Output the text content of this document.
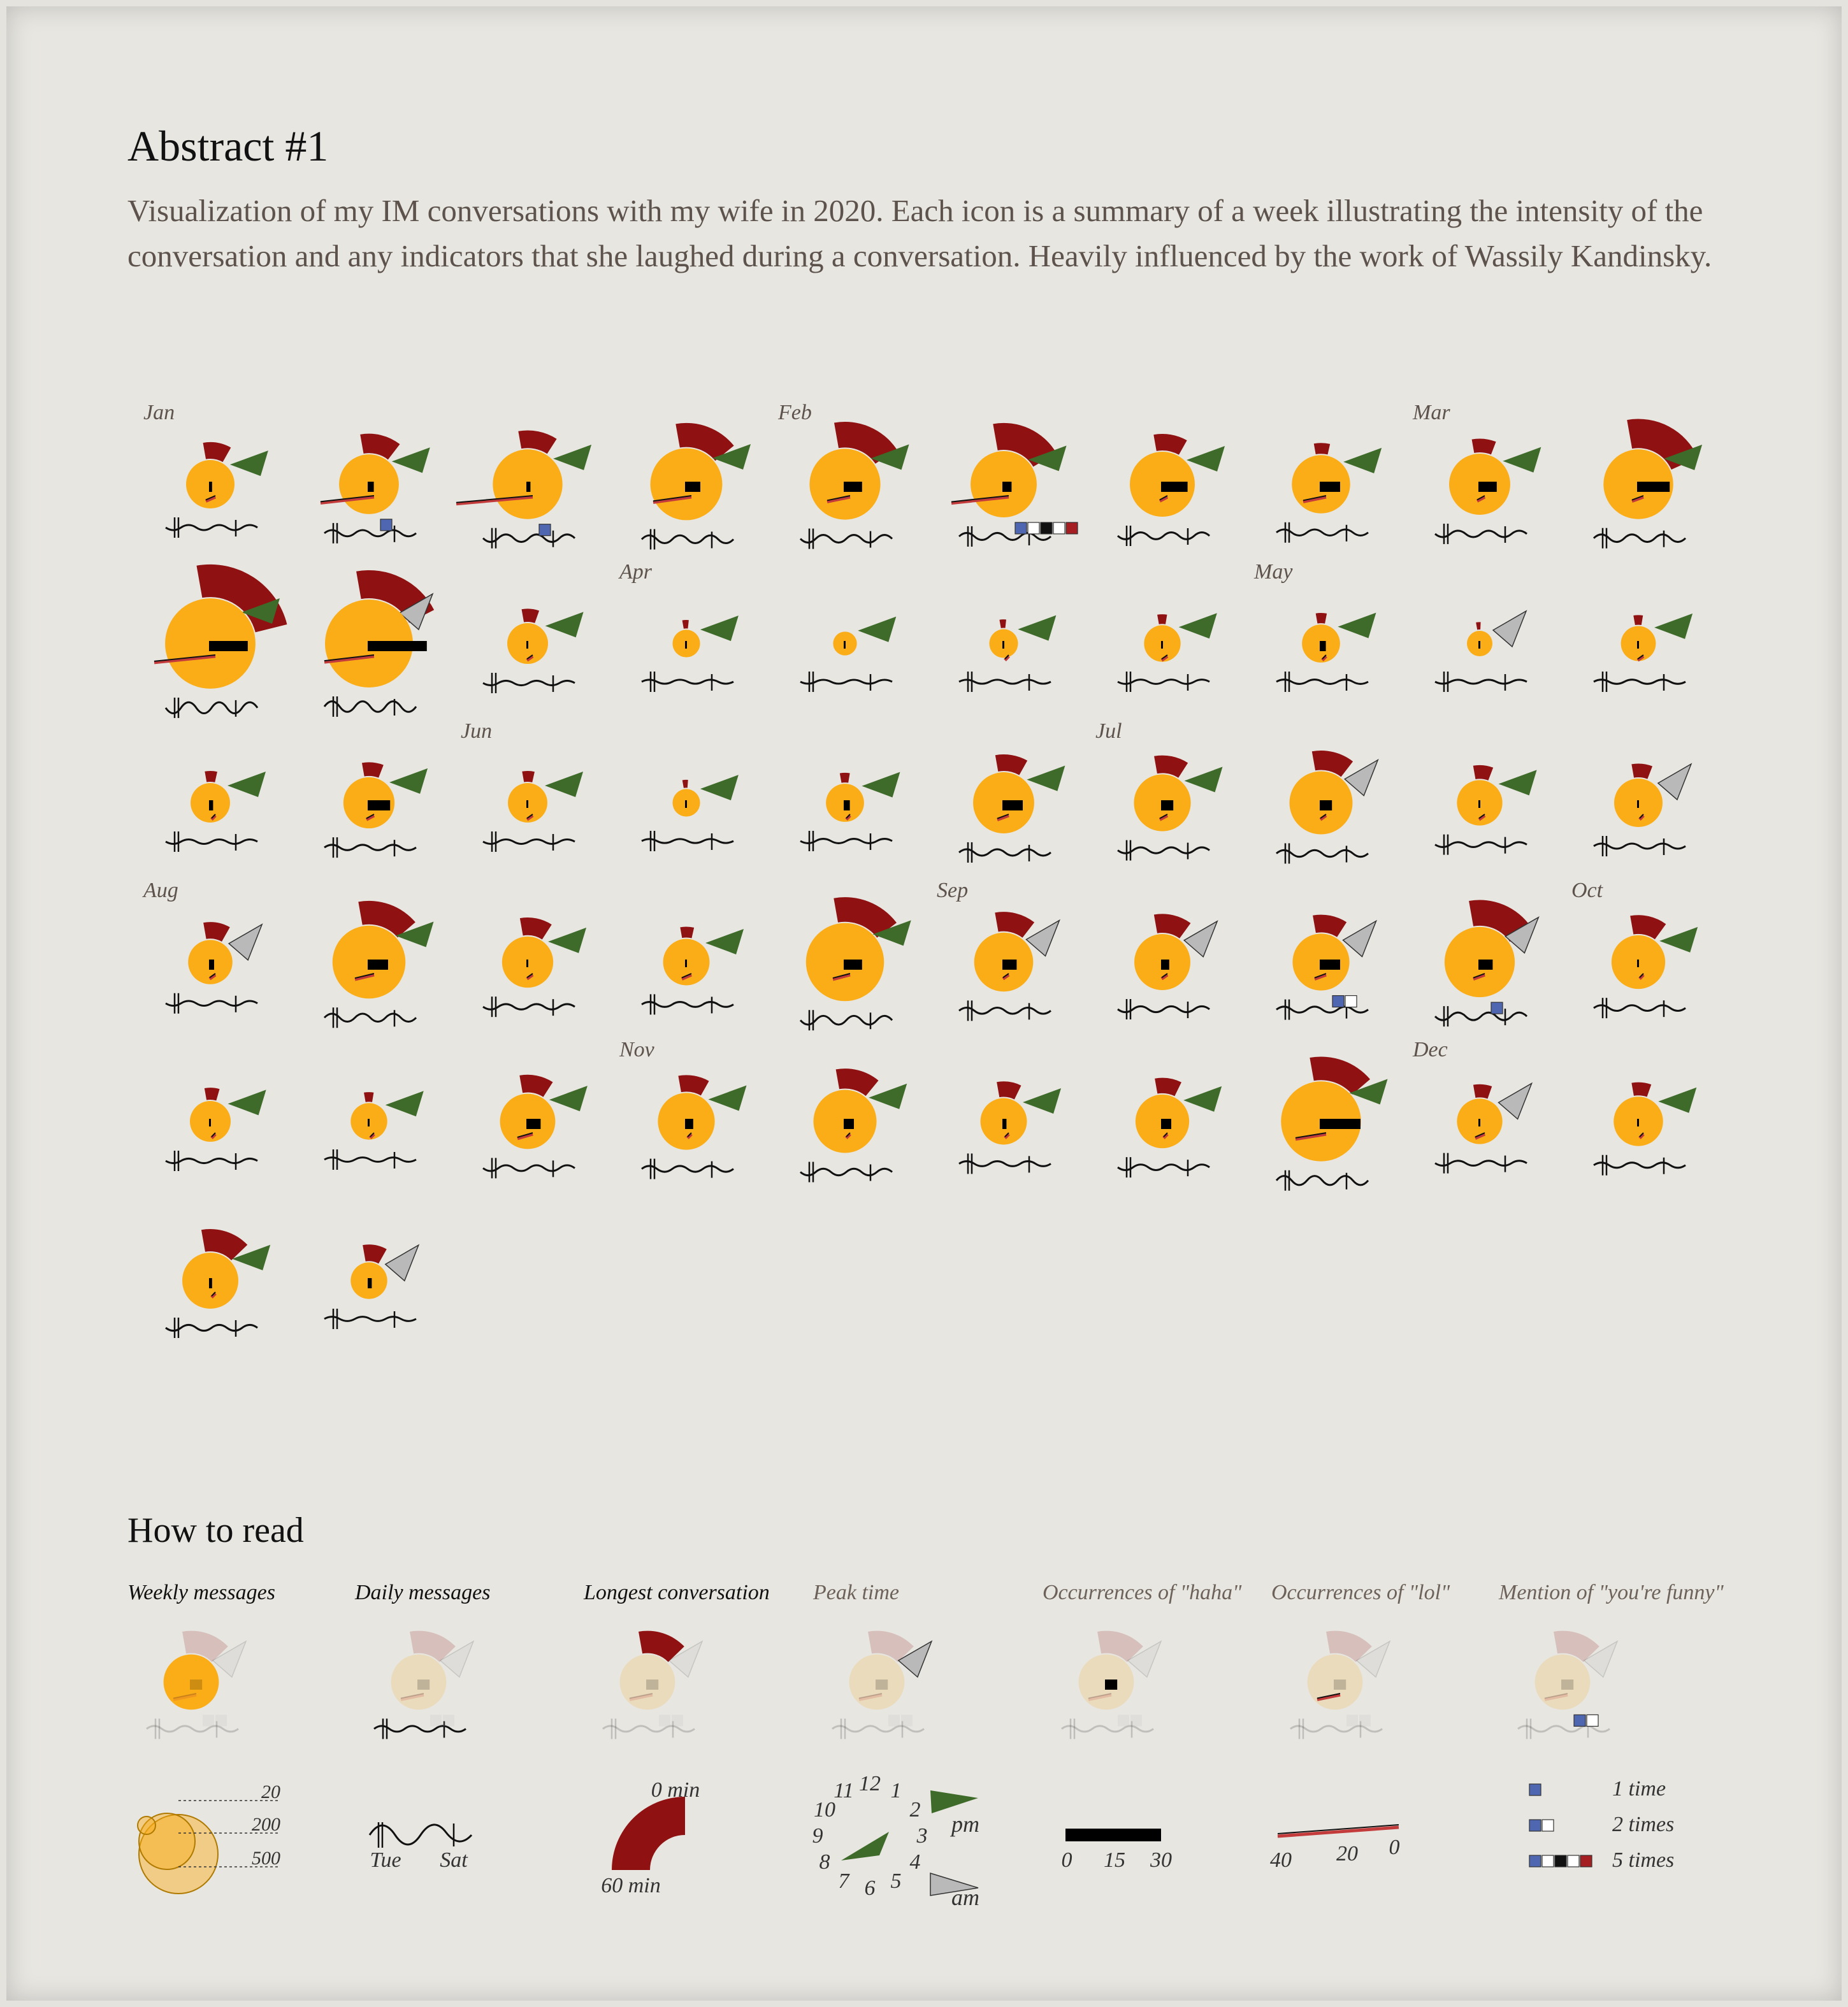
Abstract #1

Visualization of my IM conversations with my wife in 2020. Each icon is a summary of a week illustrating the intensity of the conversation and any indicators that she laughed during a conversation. Heavily influenced by the work of Wassily Kandinsky.

Jan	Feb	Mar
Apr	May
Jun	Jul
Aug	Sep	Oct
Nov	Dec
How to read
Weekly messages	Daily messages	Longest conversation Peak time	Occurrences of "haha" Occurrences of "lol" Mention of "you're funny"
20
200
500	Tue Sat
0 min
60 min
12 1
2
3
4
5
6
7
8
9
10
11
pm
am
0 15 30	40 20 0
1 time
2 times
5 times
